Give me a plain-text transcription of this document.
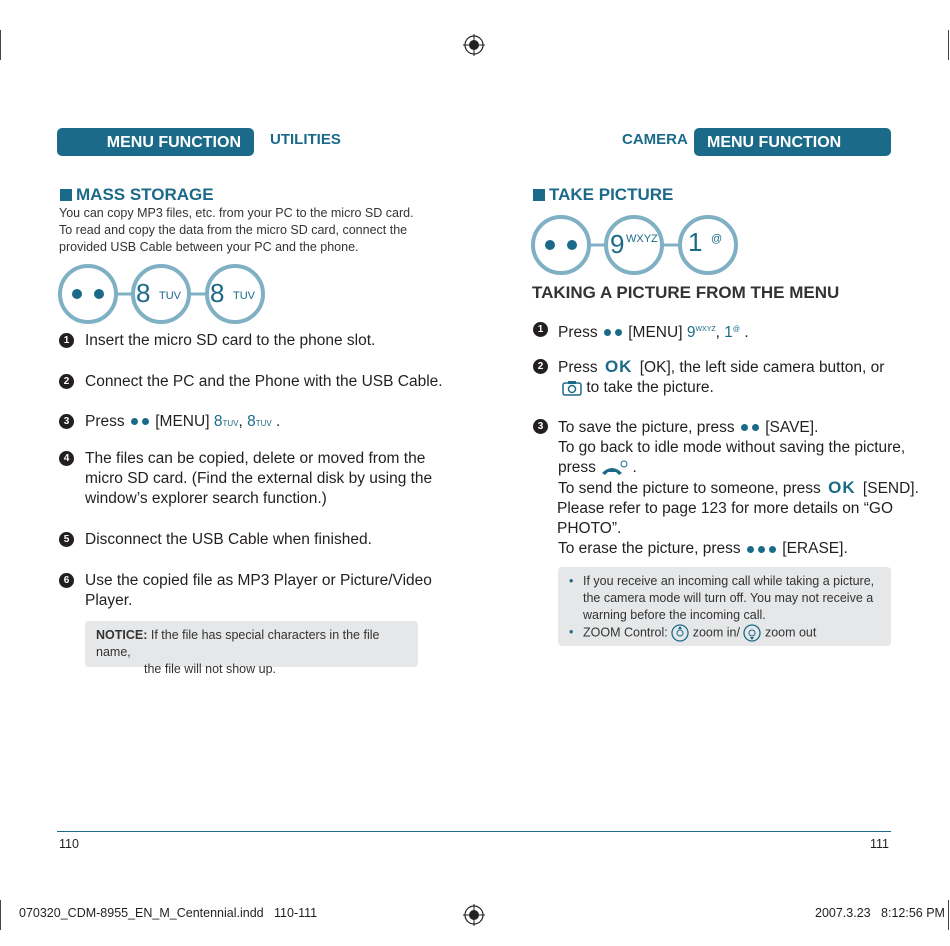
MENU FUNCTION	UTILITIES
MASS STORAGE
You can copy MP3 files, etc. from your PC to the micro SD card.
To read and copy the data from the micro SD card, connect the
provided USB Cable between your PC and the phone.
8 TUV 8 TUV
1	Insert the micro SD card to the phone slot.
2	Connect the PC and the Phone with the USB Cable.
3	Press [MENU] 8TUV, 8TUV .
4	The files can be copied, delete or moved from the
micro SD card. (Find the external disk by using the
window’s explorer search function.)
5	Disconnect the USB Cable when finished.
6	Use the copied file as MP3 Player or Picture/Video
Player.
NOTICE: If the file has special characters in the file name,
the file will not show up.
CAMERA	MENU FUNCTION
TAKE PICTURE
9 WXYZ 1 @
TAKING A PICTURE FROM THE MENU
1 Press [MENU] $9^{WXYZ}$, 1@ .
2 Press OK [OK], the left side camera button, or
to take the picture.
3 To save the picture, press [SAVE].
To go back to idle mode without saving the picture,
press  .
To send the picture to someone, press OK [SEND].
Please refer to page 123 for more details on “GO
PHOTO”.
To erase the picture, press	[ERASE].
• If you receive an incoming call while taking a picture,
the camera mode will turn off. You may not receive a
warning before the incoming call.
• ZOOM Control: zoom in/ zoom out
110	111
070320_CDM-8955_EN_M_Centennial.indd   110-111	2007.3.23   8:12:56 PM
